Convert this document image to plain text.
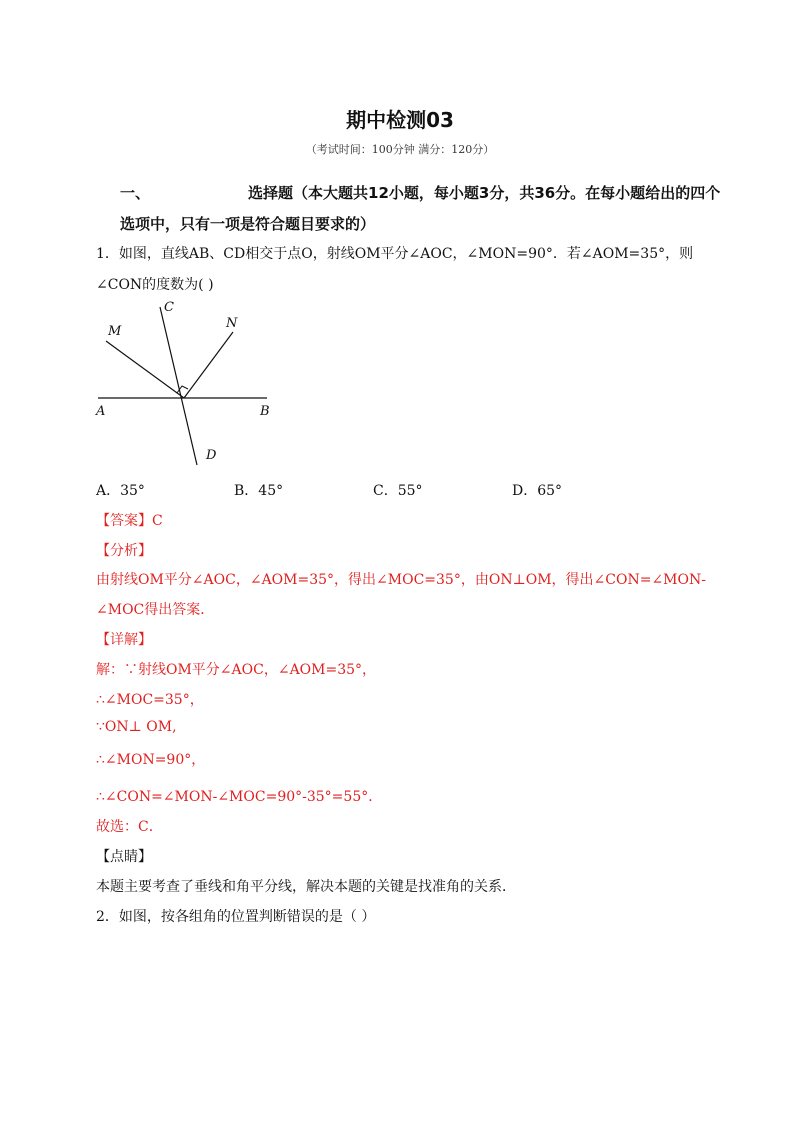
期中检测03
（考试时间：100分钟 满分：120分）
一、	选择题（本大题共12小题，每小题3分，共36分。在每小题给出的四个
选项中，只有一项是符合题目要求的）
1．如图，直线AB、CD相交于点O，射线OM平分∠AOC，∠MON=90°．若∠AOM=35°，则
∠CON的度数为( )
M
C
N
A	B
D
A．35°	B．45°	C．55°	D．65°
【答案】C
【分析】
由射线OM平分∠AOC，∠AOM=35°，得出∠MOC=35°，由ON⊥OM，得出∠CON=∠MON-
∠MOC得出答案．
【详解】
解：∵射线OM平分∠AOC，∠AOM=35°，
∴∠MOC=35°，
∵ON⊥ OM,
∴∠MON=90°，
∴∠CON=∠MON-∠MOC=90°-35°=55°．
故选：C．
【点睛】
本题主要考查了垂线和角平分线，解决本题的关键是找准角的关系．
2．如图，按各组角的位置判断错误的是（ ）
